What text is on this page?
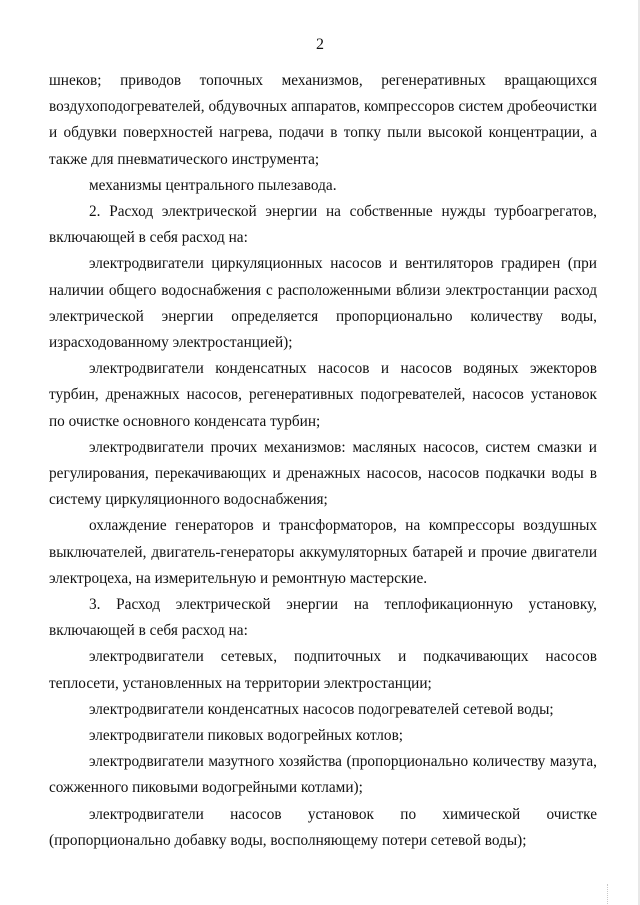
2

шнеков; приводов топочных механизмов, регенеративных вращающихся воздухоподогревателей, обдувочных аппаратов, компрессоров систем дробеочистки и обдувки поверхностей нагрева, подачи в топку пыли высокой концентрации, а также для пневматического инструмента;

механизмы центрального пылезавода.

2. Расход электрической энергии на собственные нужды турбоагрегатов, включающей в себя расход на:

электродвигатели циркуляционных насосов и вентиляторов градирен (при наличии общего водоснабжения с расположенными вблизи электростанции расход электрической энергии определяется пропорционально количеству воды, израсходованному электростанцией);

электродвигатели конденсатных насосов и насосов водяных эжекторов турбин, дренажных насосов, регенеративных подогревателей, насосов установок по очистке основного конденсата турбин;

электродвигатели прочих механизмов: масляных насосов, систем смазки и регулирования, перекачивающих и дренажных насосов, насосов подкачки воды в систему циркуляционного водоснабжения;

охлаждение генераторов и трансформаторов, на компрессоры воздушных выключателей, двигатель-генераторы аккумуляторных батарей и прочие двигатели электроцеха, на измерительную и ремонтную мастерские.

3. Расход электрической энергии на теплофикационную установку, включающей в себя расход на:

электродвигатели сетевых, подпиточных и подкачивающих насосов теплосети, установленных на территории электростанции;

электродвигатели конденсатных насосов подогревателей сетевой воды;

электродвигатели пиковых водогрейных котлов;

электродвигатели мазутного хозяйства (пропорционально количеству мазута, сожженного пиковыми водогрейными котлами);

электродвигатели насосов установок по химической очистке (пропорционально добавку воды, восполняющему потери сетевой воды);
